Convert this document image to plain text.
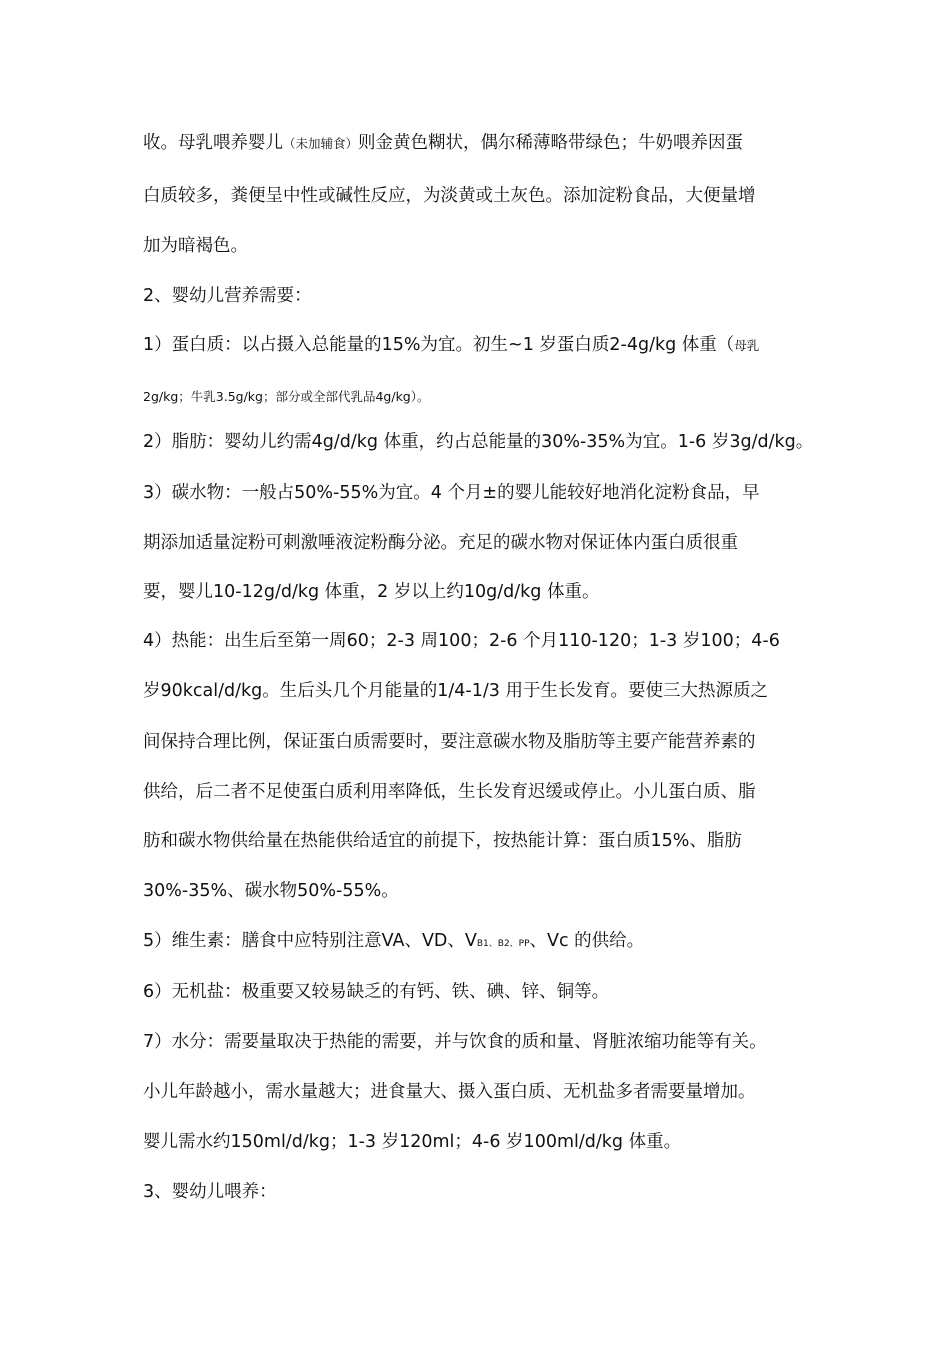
收。母乳喂养婴儿（未加辅食）则金黄色糊状，偶尔稀薄略带绿色；牛奶喂养因蛋
白质较多，粪便呈中性或碱性反应，为淡黄或土灰色。添加淀粉食品，大便量增
加为暗褐色。
2、婴幼儿营养需要：
1）蛋白质：以占摄入总能量的15%为宜。初生~1 岁蛋白质2-4g/kg 体重（母乳
2g/kg；牛乳3.5g/kg；部分或全部代乳品4g/kg）。
2）脂肪：婴幼儿约需4g/d/kg 体重，约占总能量的30%-35%为宜。1-6 岁3g/d/kg。
3）碳水物：一般占50%-55%为宜。4 个月±的婴儿能较好地消化淀粉食品，早
期添加适量淀粉可刺激唾液淀粉酶分泌。充足的碳水物对保证体内蛋白质很重
要，婴儿10-12g/d/kg 体重，2 岁以上约10g/d/kg 体重。
4）热能：出生后至第一周60；2-3 周100；2-6 个月110-120；1-3 岁100；4-6
岁90kcal/d/kg。生后头几个月能量的1/4-1/3 用于生长发育。要使三大热源质之
间保持合理比例，保证蛋白质需要时，要注意碳水物及脂肪等主要产能营养素的
供给，后二者不足使蛋白质利用率降低，生长发育迟缓或停止。小儿蛋白质、脂
肪和碳水物供给量在热能供给适宜的前提下，按热能计算：蛋白质15%、脂肪
30%-35%、碳水物50%-55%。
5）维生素：膳食中应特别注意VA、VD、VB1、B2、PP、Vc 的供给。
6）无机盐：极重要又较易缺乏的有钙、铁、碘、锌、铜等。
7）水分：需要量取决于热能的需要，并与饮食的质和量、肾脏浓缩功能等有关。
小儿年龄越小，需水量越大；进食量大、摄入蛋白质、无机盐多者需要量增加。
婴儿需水约150ml/d/kg；1-3 岁120ml；4-6 岁100ml/d/kg 体重。
3、婴幼儿喂养：
